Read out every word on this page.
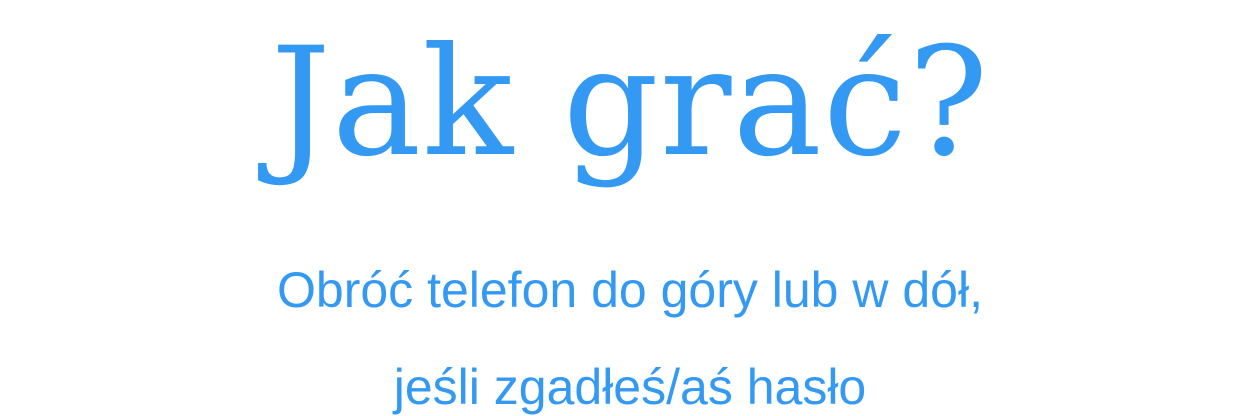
Jak grać?
Obróć telefon do góry lub w dół,
jeśli zgadłeś/aś hasło
